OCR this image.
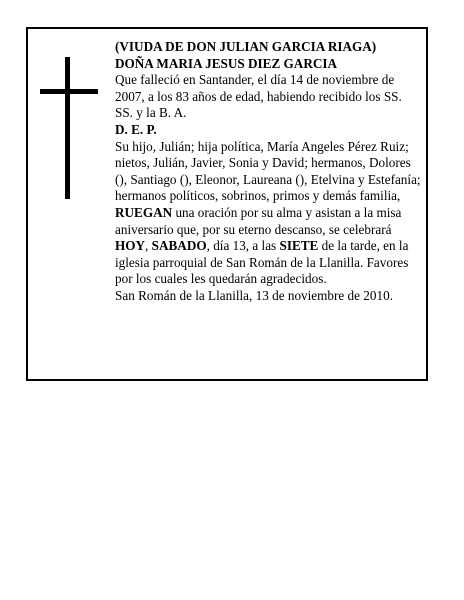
(VIUDA DE DON JULIAN GARCIA RIAGA)

DOÑA MARIA JESUS DIEZ GARCIA

Que falleció en Santander, el día 14 de noviembre de 2007, a los 83 años de edad, habiendo recibido los SS. SS. y la B. A.

D. E. P.

Su hijo, Julián; hija política, María Angeles Pérez Ruiz; nietos, Julián, Javier, Sonia y David; hermanos, Dolores (), Santiago (), Eleonor, Laureana (), Etelvina y Estefanía; hermanos políticos, sobrinos, primos y demás familia,

RUEGAN una oración por su alma y asistan a la misa aniversario que, por su eterno descanso, se celebrará HOY, SABADO, día 13, a las SIETE de la tarde, en la iglesia parroquial de San Román de la Llanilla. Favores por los cuales les quedarán agradecidos.

San Román de la Llanilla, 13 de noviembre de 2010.
